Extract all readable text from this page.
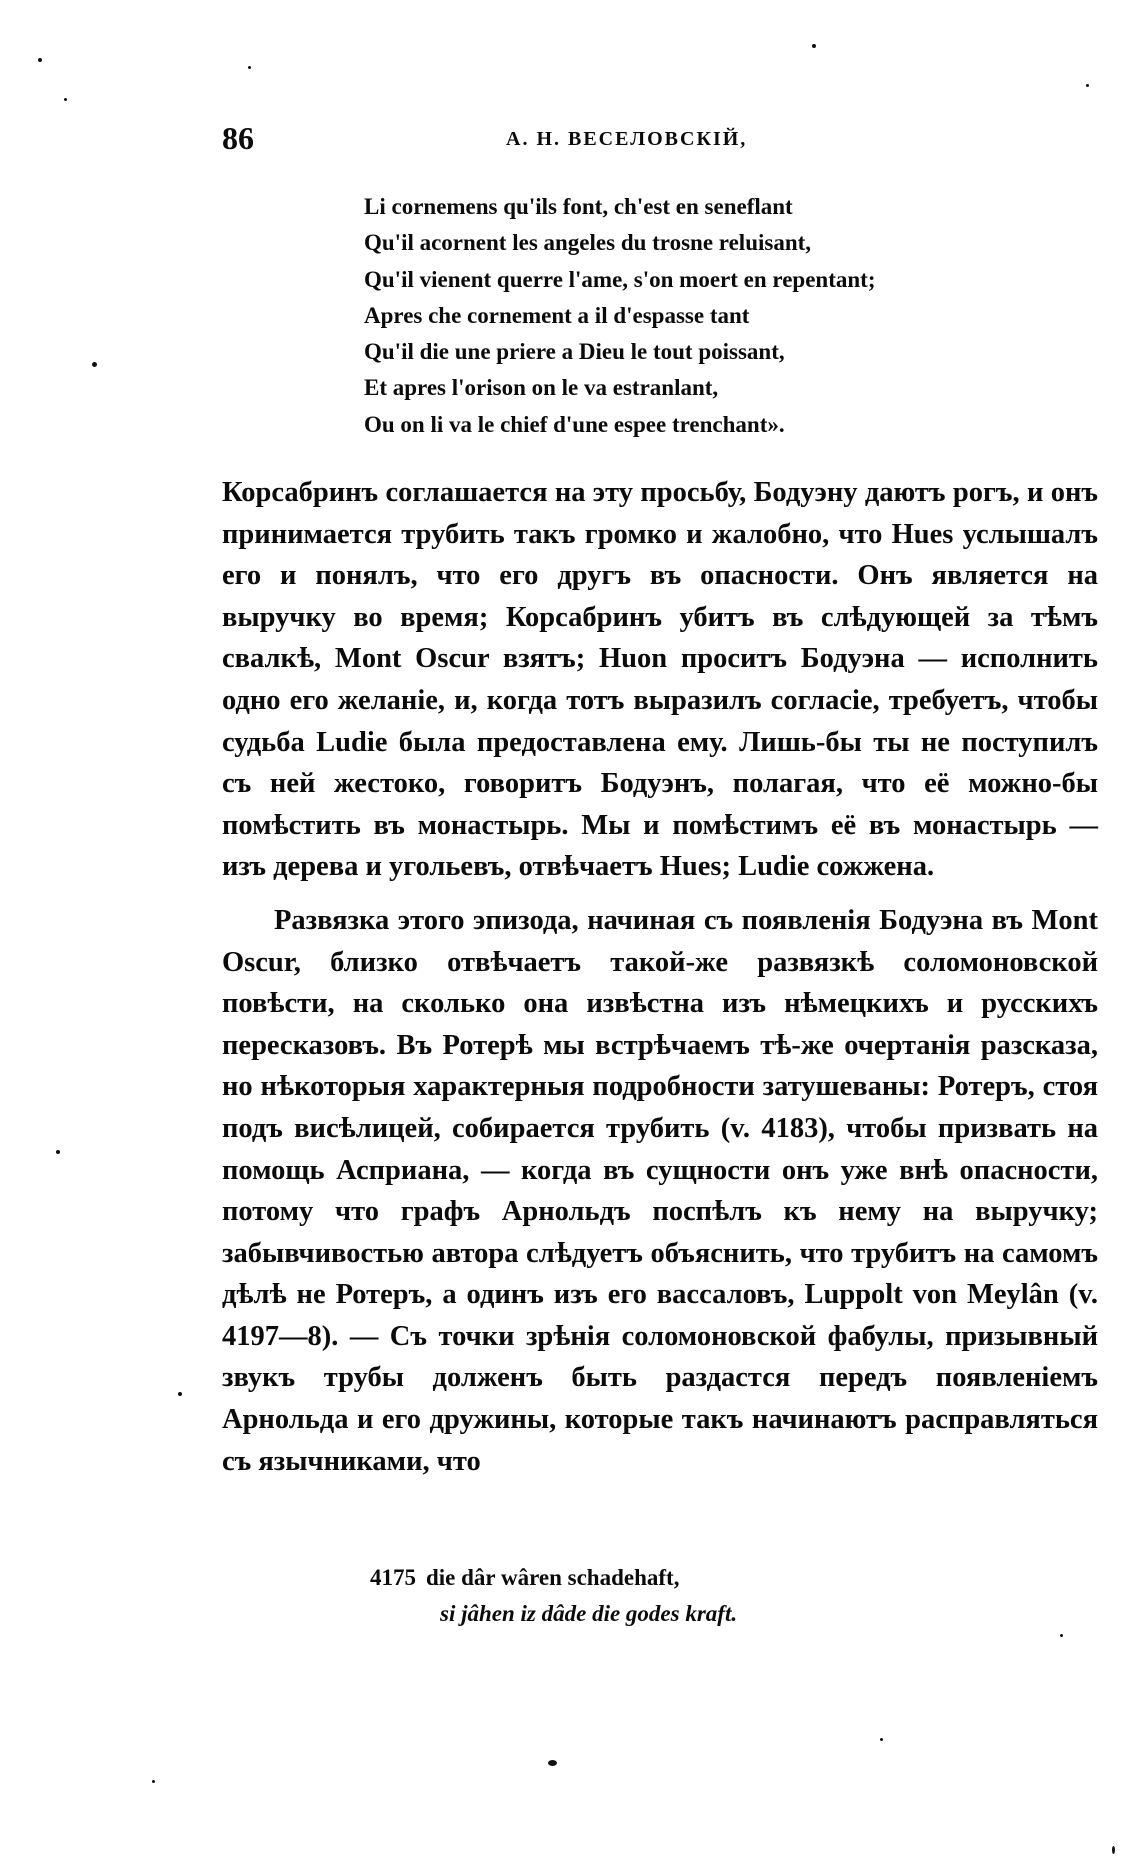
86	А. Н. ВЕСЕЛОВСКІЙ,

Li cornemens qu'ils font, ch'est en seneflant
Qu'il acornent les angeles du trosne reluisant,
Qu'il vienent querre l'ame, s'on moert en repentant;
Apres che cornement a il d'espasse tant
Qu'il die une priere a Dieu le tout poissant,
Et apres l'orison on le va estranlant,
Ou on li va le chief d'une espee trenchant».

Корсабринъ соглашается на эту просьбу, Бодуэну даютъ рогъ, и онъ принимается трубить такъ громко и жалобно, что Hues услышалъ его и понялъ, что его другъ въ опасности. Онъ является на выручку во время; Корсабринъ убитъ въ слѣдующей за тѣмъ свалкѣ, Mont Oscur взятъ; Huon проситъ Бодуэна — исполнить одно его желаніе, и, когда тотъ выразилъ согласіе, требуетъ, чтобы судьба Ludie была предоставлена ему. Лишь-бы ты не поступилъ съ ней жестоко, говоритъ Бодуэнъ, полагая, что её можно-бы помѣстить въ монастырь. Мы и помѣстимъ её въ монастырь — изъ дерева и угольевъ, отвѣчаетъ Hues; Ludie сожжена.

Развязка этого эпизода, начиная съ появленія Бодуэна въ Mont Oscur, близко отвѣчаетъ такой-же развязкѣ соломоновской повѣсти, на сколько она извѣстна изъ нѣмецкихъ и русскихъ пересказовъ. Въ Ротерѣ мы встрѣчаемъ тѣ-же очертанія разсказа, но нѣкоторыя характерныя подробности затушеваны: Ротеръ, стоя подъ висѣлицей, собирается трубить (v. 4183), чтобы призвать на помощь Асприана, — когда въ сущности онъ уже внѣ опасности, потому что графъ Арнольдъ поспѣлъ къ нему на выручку; забывчивостью автора слѣдуетъ объяснить, что трубитъ на самомъ дѣлѣ не Ротеръ, а одинъ изъ его вассаловъ, Luppolt von Meylân (v. 4197—8). — Съ точки зрѣнія соломоновской фабулы, призывный звукъ трубы долженъ быть раздастся передъ появленіемъ Арнольда и его дружины, которые такъ начинаютъ расправляться съ язычниками, что

4175 die dâr wâren schadehaft,
si jâhen iz dâde die godes kraft.
